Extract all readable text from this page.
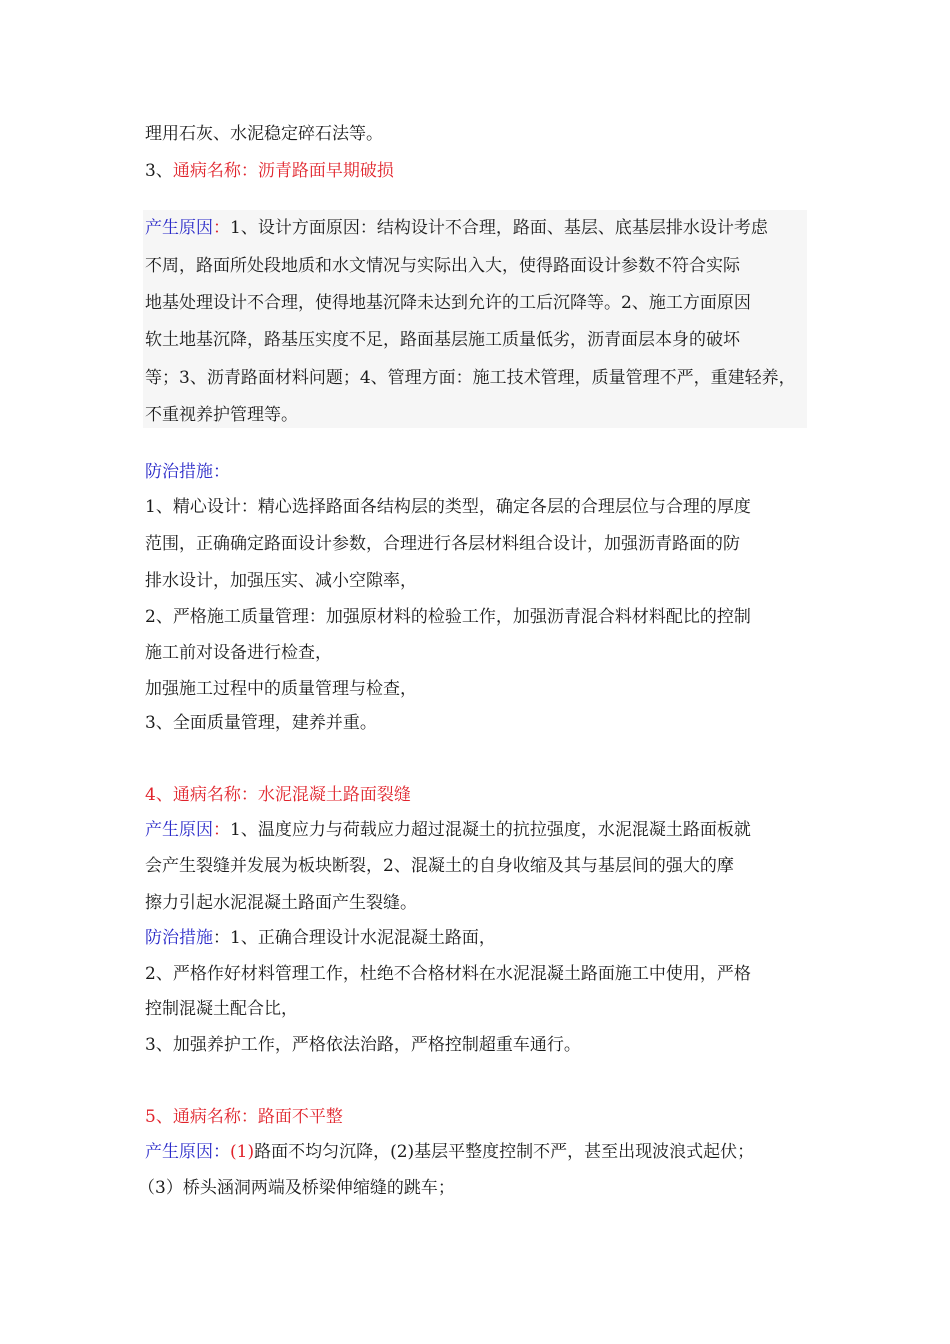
理用石灰、水泥稳定碎石法等。

3、通病名称：沥青路面早期破损

产生原因：1、设计方面原因：结构设计不合理，路面、基层、底基层排水设计考虑

不周，路面所处段地质和水文情况与实际出入大，使得路面设计参数不符合实际

地基处理设计不合理，使得地基沉降未达到允许的工后沉降等。2、施工方面原因

软土地基沉降，路基压实度不足，路面基层施工质量低劣，沥青面层本身的破坏

等；3、沥青路面材料问题；4、管理方面：施工技术管理，质量管理不严，重建轻养，

不重视养护管理等。

防治措施：

1、精心设计：精心选择路面各结构层的类型，确定各层的合理层位与合理的厚度

范围，正确确定路面设计参数，合理进行各层材料组合设计，加强沥青路面的防

排水设计，加强压实、减小空隙率，

2、严格施工质量管理：加强原材料的检验工作，加强沥青混合料材料配比的控制

施工前对设备进行检查，

加强施工过程中的质量管理与检查，

3、全面质量管理，建养并重。

4、通病名称：水泥混凝土路面裂缝

产生原因：1、温度应力与荷载应力超过混凝土的抗拉强度，水泥混凝土路面板就

会产生裂缝并发展为板块断裂，2、混凝土的自身收缩及其与基层间的强大的摩

擦力引起水泥混凝土路面产生裂缝。

防治措施：1、正确合理设计水泥混凝土路面，

2、严格作好材料管理工作，杜绝不合格材料在水泥混凝土路面施工中使用，严格

控制混凝土配合比，

3、加强养护工作，严格依法治路，严格控制超重车通行。

5、通病名称：路面不平整

产生原因：(1)路面不均匀沉降，(2)基层平整度控制不严，甚至出现波浪式起伏；

（3）桥头涵洞两端及桥梁伸缩缝的跳车；
